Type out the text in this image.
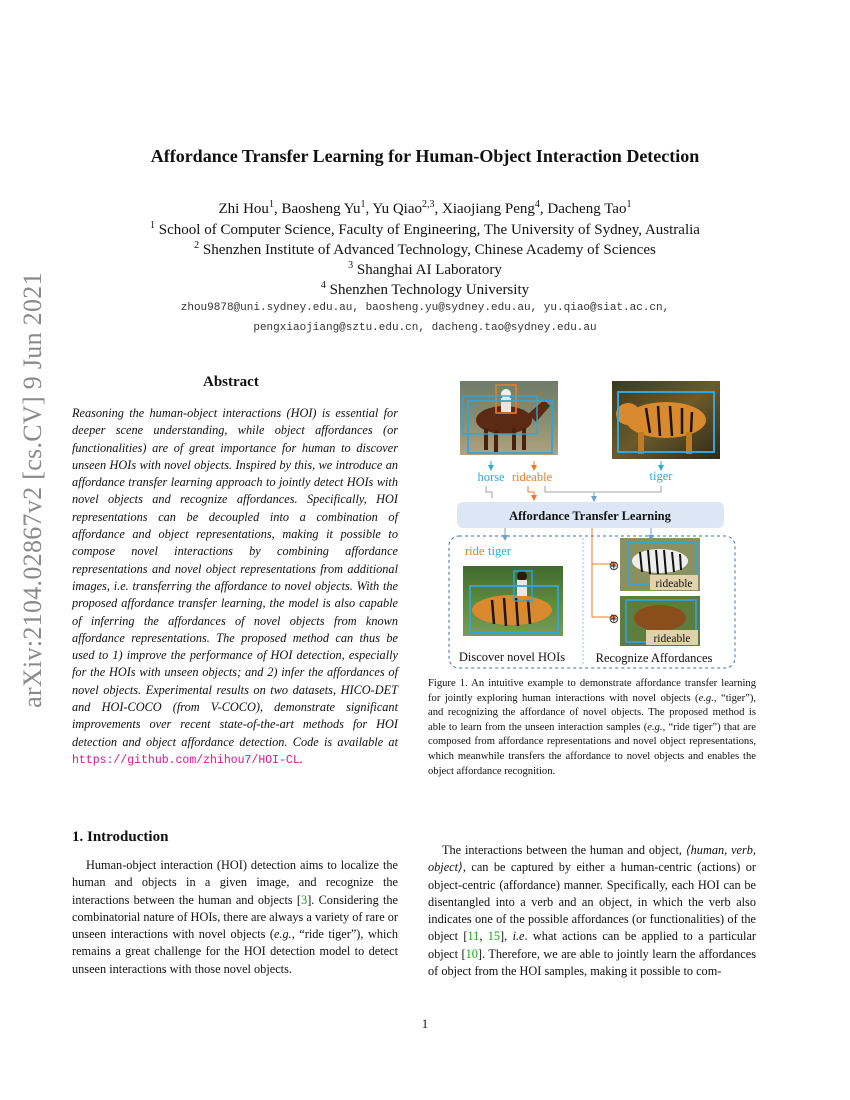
arXiv:2104.02867v2 [cs.CV] 9 Jun 2021
Affordance Transfer Learning for Human-Object Interaction Detection
Zhi Hou$^1$, Baosheng Yu$^1$, Yu Qiao$^{2,3}$, Xiaojiang Peng$^4$, Dacheng Tao$^1$
$^1$ School of Computer Science, Faculty of Engineering, The University of Sydney, Australia
$^2$ Shenzhen Institute of Advanced Technology, Chinese Academy of Sciences
$^3$ Shanghai AI Laboratory
$^4$ Shenzhen Technology University
zhou9878@uni.sydney.edu.au, baosheng.yu@sydney.edu.au, yu.qiao@siat.ac.cn,
pengxiaojiang@sztu.edu.cn, dacheng.tao@sydney.edu.au
Abstract
Reasoning the human-object interactions (HOI) is essential for deeper scene understanding, while object affordances (or functionalities) are of great importance for human to discover unseen HOIs with novel objects. Inspired by this, we introduce an affordance transfer learning approach to jointly detect HOIs with novel objects and recognize affordances. Specifically, HOI representations can be decoupled into a combination of affordance and object representations, making it possible to compose novel interactions by combining affordance representations and novel object representations from additional images, i.e. transferring the affordance to novel objects. With the proposed affordance transfer learning, the model is also capable of inferring the affordances of novel objects from known affordance representations. The proposed method can thus be used to 1) improve the performance of HOI detection, especially for the HOIs with unseen objects; and 2) infer the affordances of novel objects. Experimental results on two datasets, HICO-DET and HOI-COCO (from V-COCO), demonstrate significant improvements over recent state-of-the-art methods for HOI detection and object affordance detection. Code is available at https://github.com/zhihou7/HOI-CL.
horse rideable	tiger
Affordance Transfer Learning
ride tiger
rideable
⊕
rideable
⊕
Discover novel HOIs Recognize Affordances
Figure 1. An intuitive example to demonstrate affordance transfer learning for jointly exploring human interactions with novel objects (e.g., “tiger”), and recognizing the affordance of novel objects. The proposed method is able to learn from the unseen interaction samples (e.g., “ride tiger”) that are composed from affordance representations and novel object representations, which meanwhile transfers the affordance to novel objects and enables the object affordance recognition.
1. Introduction
Human-object interaction (HOI) detection aims to localize the human and objects in a given image, and recognize the interactions between the human and objects [3]. Considering the combinatorial nature of HOIs, there are always a variety of rare or unseen interactions with novel objects (e.g., “ride tiger”), which remains a great challenge for the HOI detection model to detect unseen interactions with those novel objects.
The interactions between the human and object, ⟨human, verb, object⟩, can be captured by either a human-centric (actions) or object-centric (affordance) manner. Specifically, each HOI can be disentangled into a verb and an object, in which the verb also indicates one of the possible affordances (or functionalities) of the object [11, 15], i.e. what actions can be applied to a particular object [10]. Therefore, we are able to jointly learn the affordances of object from the HOI samples, making it possible to com-
1
